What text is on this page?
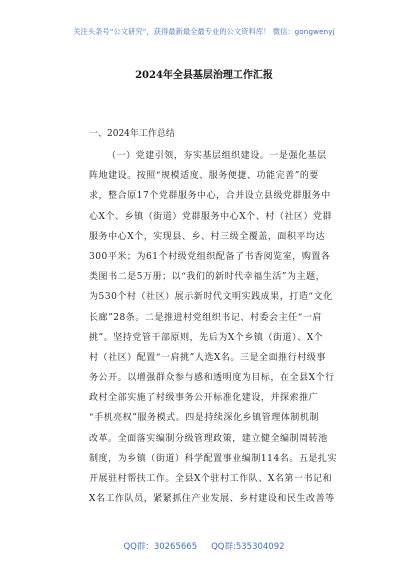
关注头条号“公文研究”，获得最新最全最专业的公文资料库！ 微信：gongwenyj
2024年全县基层治理工作汇报
一、2024年工作总结
（一）党建引领，夯实基层组织建设。一是强化基层
阵地建设。按照“规模适度、服务便捷、功能完善”的要
求，整合原17个党群服务中心，合并设立县级党群服务中
心X个、乡镇（街道）党群服务中心X个、村（社区）党群
服务中心X个，实现县、乡、村三级全覆盖，面积平均达
300平米；为61个村级党组织配备了书香阅览室，购置各
类图书二是5万册；以“我们的新时代幸福生活”为主题，
为530个村（社区）展示新时代文明实践成果，打造“文化
长廊”28条。二是推进村党组织书记、村委会主任“一肩
挑”。坚持党管干部原则，先后为X个乡镇（街道）、X个
村（社区）配置“一肩挑”人选X名。三是全面推行村级事
务公开。以增强群众参与感和透明度为目标，在全县X个行
政村全部实施了村级事务公开标准化建设，并探索推广
“手机亮权”服务模式。四是持续深化乡镇管理体制机制
改革。全面落实编制分级管理政策，建立健全编制周转池
制度，为乡镇（街道）科学配置事业编制114名。五是扎实
开展驻村帮扶工作。全县X个驻村工作队、X名第一书记和
X名工作队员，紧紧抓住产业发展、乡村建设和民生改善等
QQ群：30265665 QQ群:535304092
